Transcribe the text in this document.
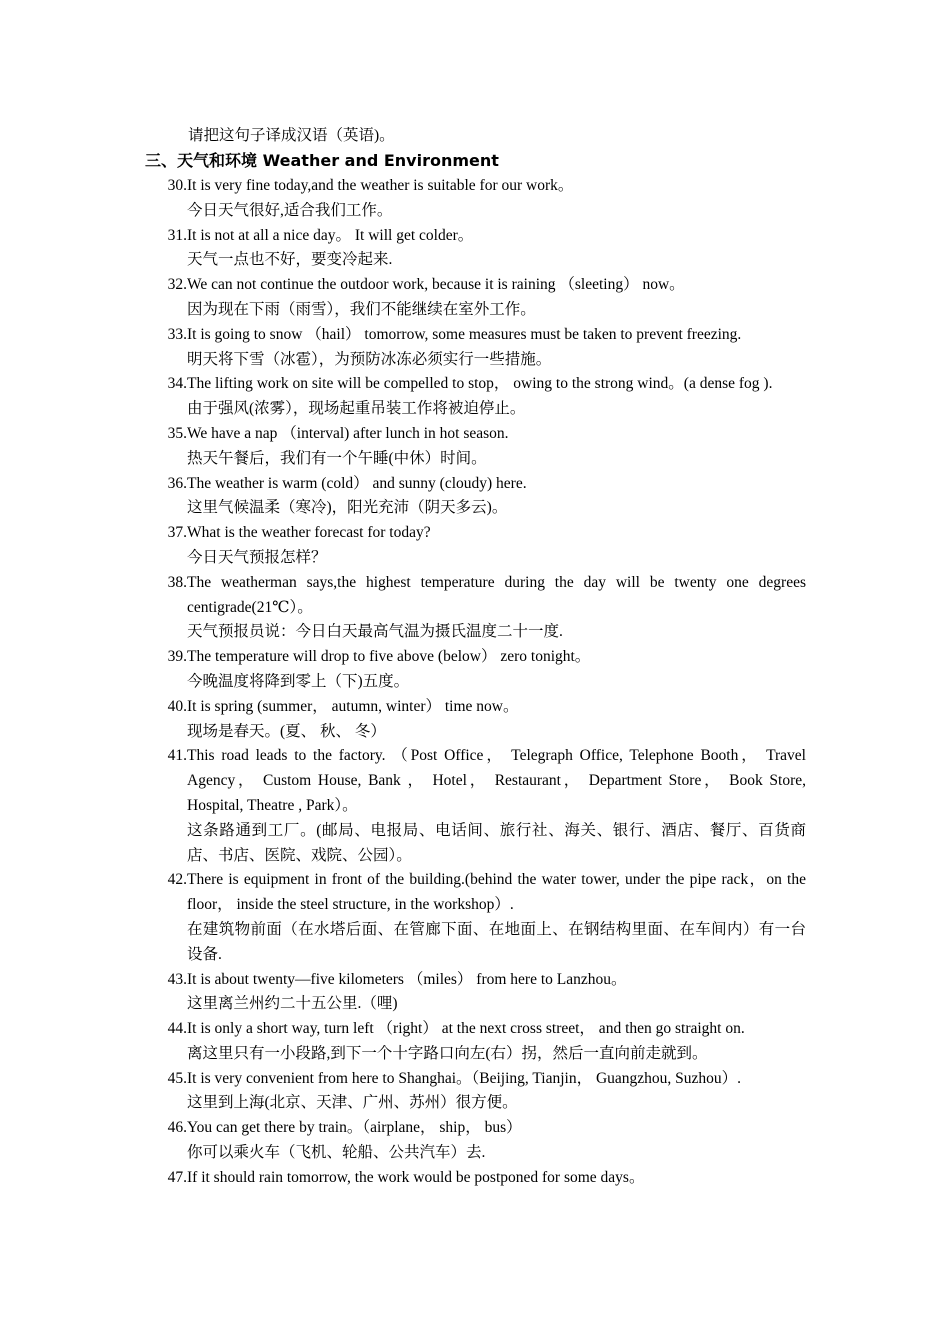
请把这句子译成汉语（英语)。
三、天气和环境 Weather and Environment
30. It is very fine today,and the weather is suitable for our work。
今日天气很好,适合我们工作。
31. It is not at all a nice day。 It will get colder。
天气一点也不好，要变冷起来.
32. We can not continue the outdoor work, because it is raining （sleeting） now。
因为现在下雨（雨雪），我们不能继续在室外工作。
33. It is going to snow （hail） tomorrow, some measures must be taken to prevent freezing.
明天将下雪（冰雹），为预防冰冻必须实行一些措施。
34. The lifting work on site will be compelled to stop， owing to the strong wind。(a dense fog ).
由于强风(浓雾），现场起重吊装工作将被迫停止。
35. We have a nap （interval) after lunch in hot season.
热天午餐后，我们有一个午睡(中休）时间。
36. The weather is warm (cold） and sunny (cloudy) here.
这里气候温柔（寒冷)，阳光充沛（阴天多云)。
37. What is the weather forecast for today?
今日天气预报怎样？
38. The weatherman says,the highest temperature during the day will be twenty one degrees centigrade(21℃）。
天气预报员说：今日白天最高气温为摄氏温度二十一度.
39. The temperature will drop to five above (below） zero tonight。
今晚温度将降到零上（下)五度。
40. It is spring (summer， autumn, winter） time now。
现场是春天。(夏、 秋、 冬）
41. This road leads to the factory. （Post Office， Telegraph Office, Telephone Booth， Travel Agency， Custom House, Bank ， Hotel， Restaurant， Department Store， Book Store, Hospital, Theatre , Park）。
这条路通到工厂。(邮局、电报局、电话间、旅行社、海关、银行、酒店、餐厅、百货商店、书店、医院、戏院、公园）。
42. There is equipment in front of the building.(behind the water tower, under the pipe rack，on the floor， inside the steel structure, in the workshop）.
在建筑物前面（在水塔后面、在管廊下面、在地面上、在钢结构里面、在车间内）有一台设备.
43. It is about twenty—five kilometers （miles） from here to Lanzhou。
这里离兰州约二十五公里.（哩)
44. It is only a short way, turn left （right） at the next cross street， and then go straight on.
离这里只有一小段路,到下一个十字路口向左(右）拐，然后一直向前走就到。
45. It is very convenient from here to Shanghai。（Beijing, Tianjin， Guangzhou, Suzhou）.
这里到上海(北京、天津、广州、苏州）很方便。
46. You can get there by train。（airplane， ship， bus）
你可以乘火车（飞机、轮船、公共汽车）去.
47. If it should rain tomorrow, the work would be postponed for some days。
